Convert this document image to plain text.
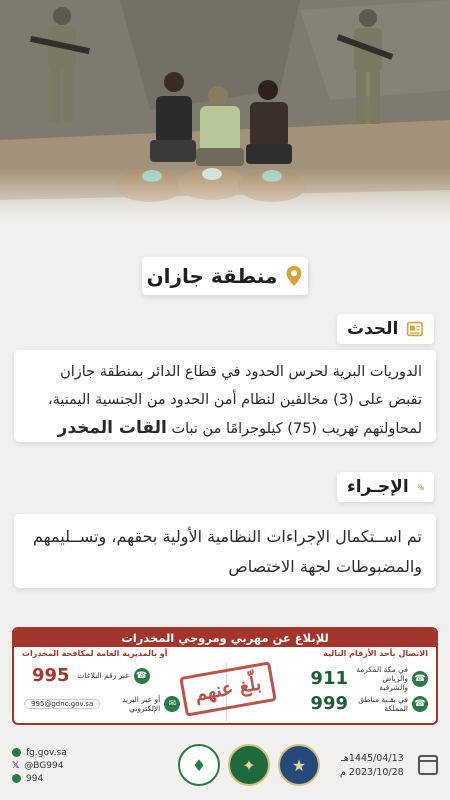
منطقة جازان
الحدث

الدوريات البرية لحرس الحدود في قطاع الدائر بمنطقة جازان تقبض على (3) مخالفين لنظام أمن الحدود من الجنسية اليمنية، لمحاولتهم تهريب (75) كيلوجرامًا من نبات القات المخدر

الإجـراء

تم اســتكمال الإجراءات النظامية الأولية بحقهم، وتســليمهم والمضبوطات لجهة الاختصاص

للإبلاغ عن مهربي ومروجي المخدرات
الاتصال بأحد الأرقام التالية
أو بالمديرية العامة لمكافحة المخدرات
☎
في مكة المكرمة والرياض والشرقية
911
☎
في بقـية مناطق المملكة
999
بلّغ عنهم
☎
عبر رقم البلاغات
995
✉
أو عبر البريد الإلكتروني
995@gdnc.gov.sa
fg.gov.sa
𝕏 @BG994
994
★
✦
♦	1445/04/13هـ
2023/10/28 م
